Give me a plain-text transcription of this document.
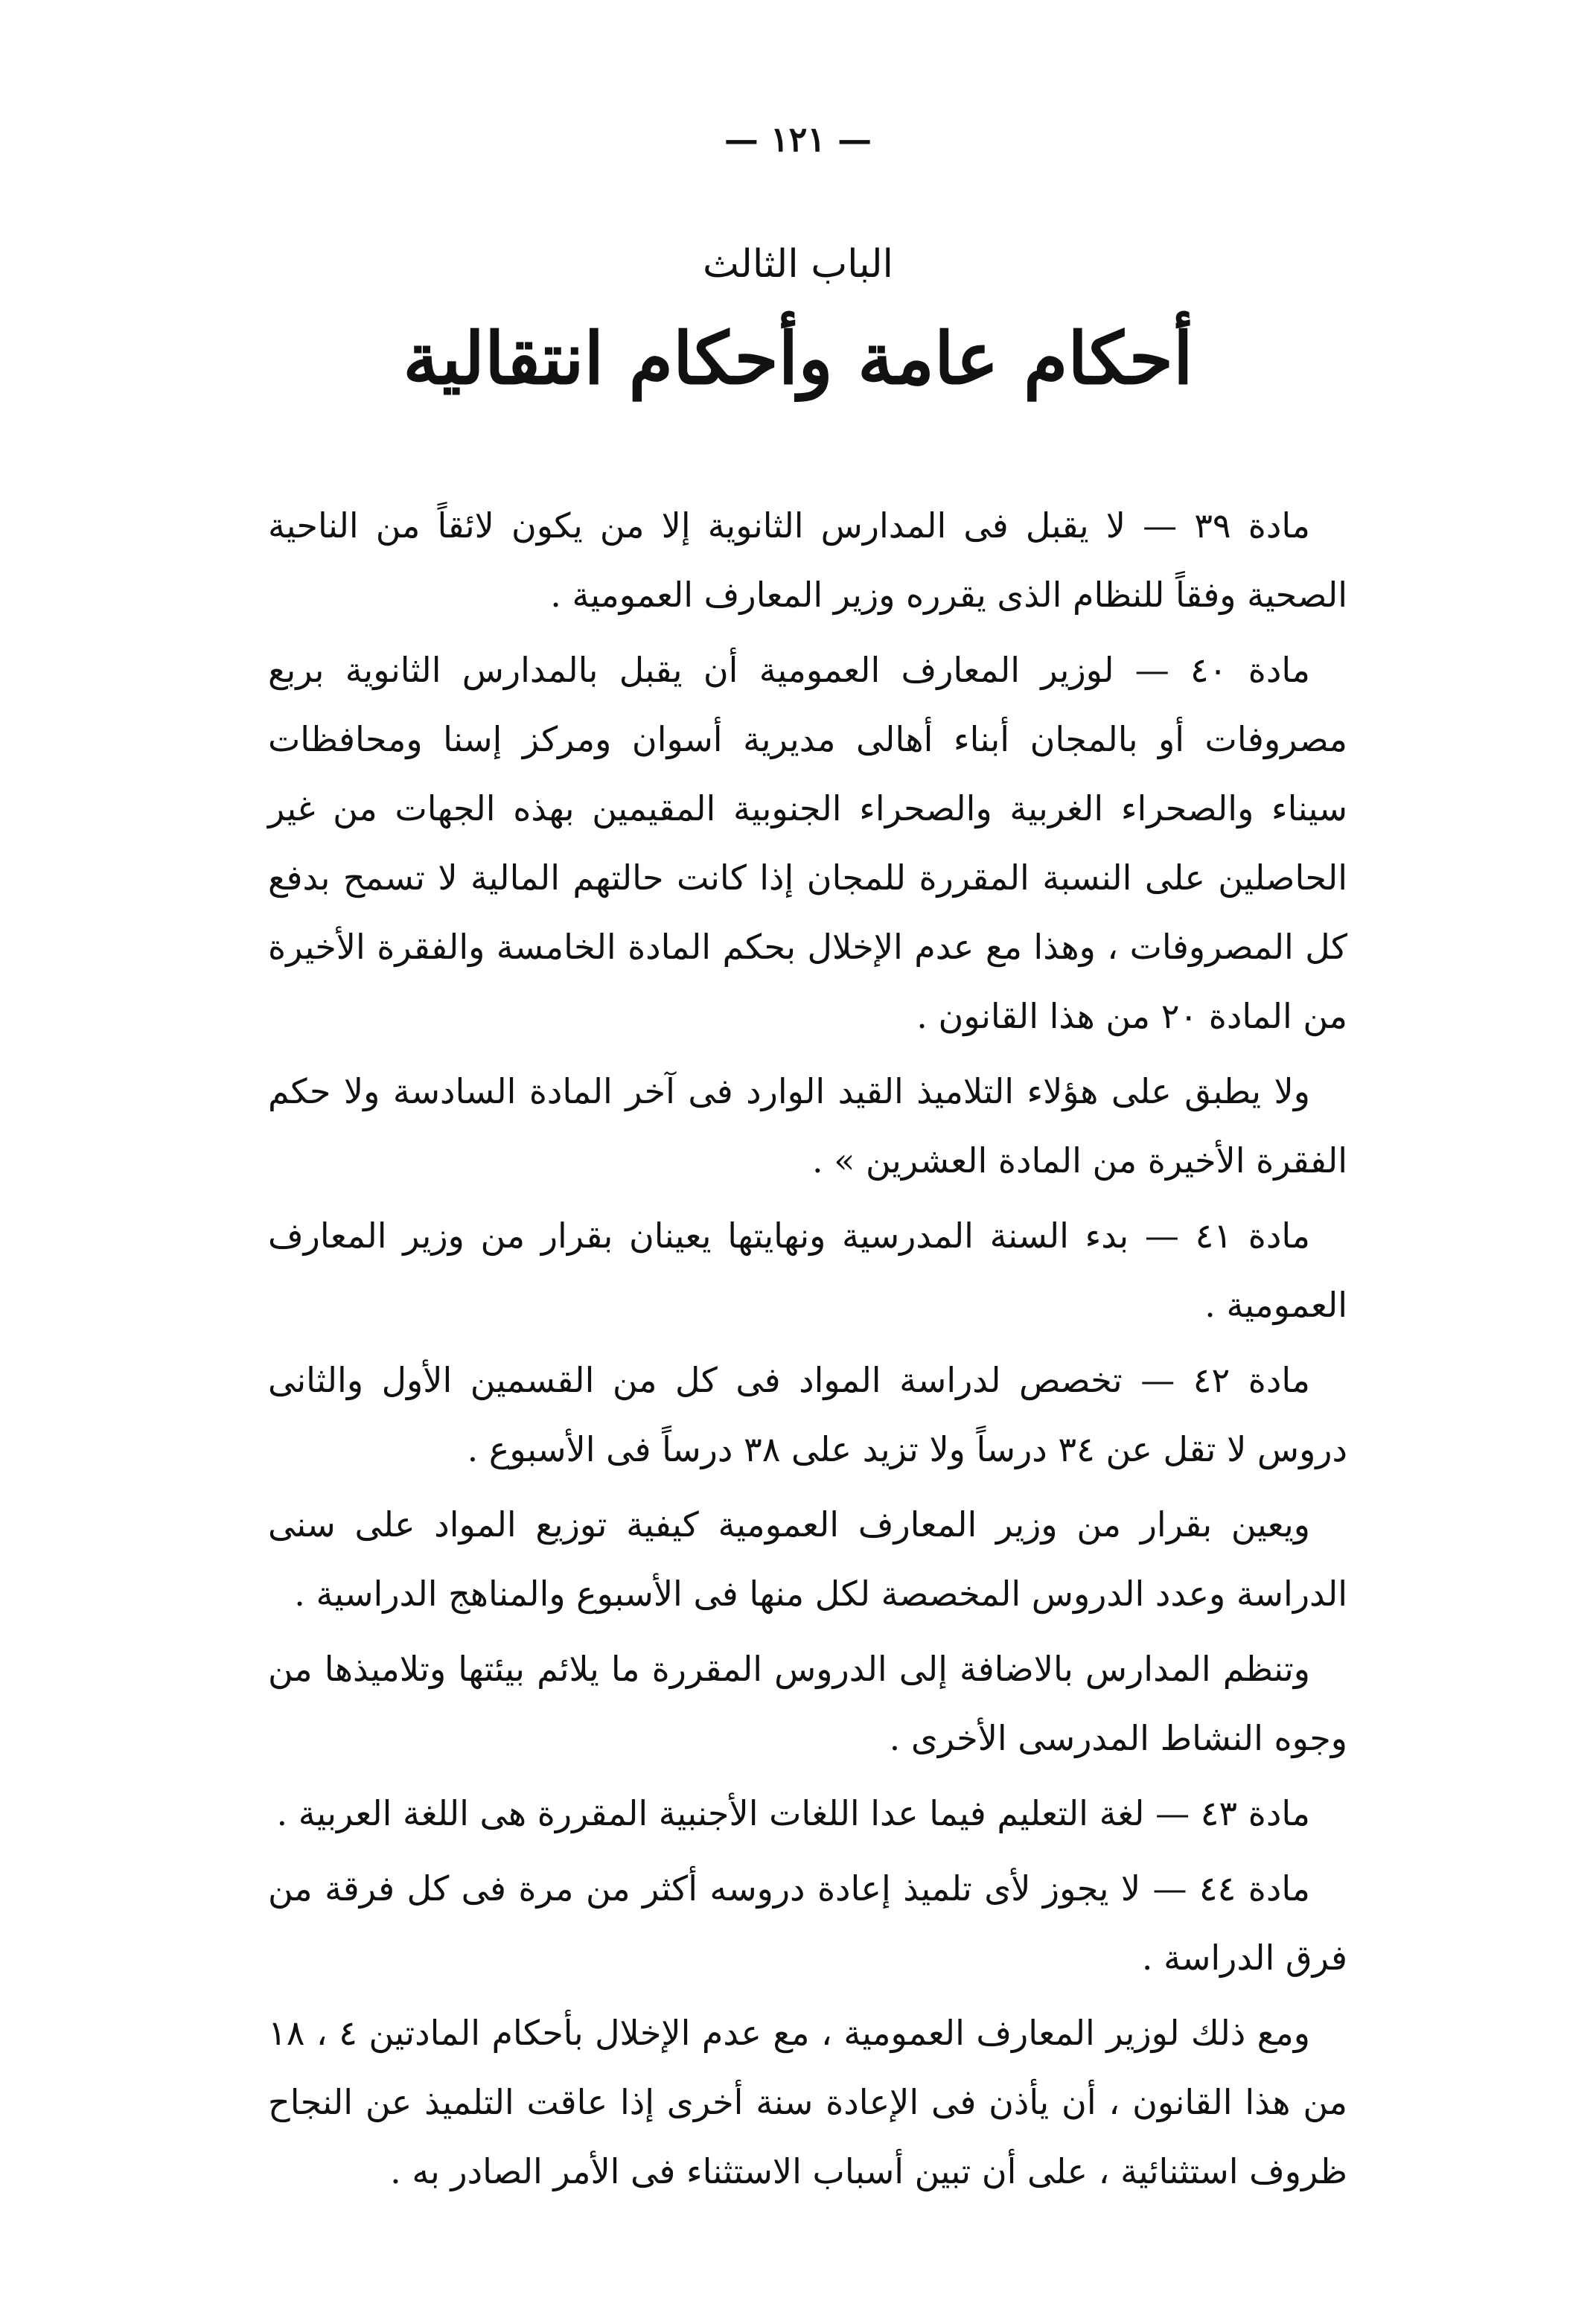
— ١٢١ —
الباب الثالث
أحكام عامة وأحكام انتقالية

مادة ٣٩ — لا يقبل فى المدارس الثانوية إلا من يكون لائقاً من الناحية الصحية وفقاً للنظام الذى يقرره وزير المعارف العمومية .

مادة ٤٠ — لوزير المعارف العمومية أن يقبل بالمدارس الثانوية بربع مصروفات أو بالمجان أبناء أهالى مديرية أسوان ومركز إسنا ومحافظات سيناء والصحراء الغربية والصحراء الجنوبية المقيمين بهذه الجهات من غير الحاصلين على النسبة المقررة للمجان إذا كانت حالتهم المالية لا تسمح بدفع كل المصروفات ، وهذا مع عدم الإخلال بحكم المادة الخامسة والفقرة الأخيرة من المادة ٢٠ من هذا القانون .

ولا يطبق على هؤلاء التلاميذ القيد الوارد فى آخر المادة السادسة ولا حكم الفقرة الأخيرة من المادة العشرين » .

مادة ٤١ — بدء السنة المدرسية ونهايتها يعينان بقرار من وزير المعارف العمومية .

مادة ٤٢ — تخصص لدراسة المواد فى كل من القسمين الأول والثانى دروس لا تقل عن ٣٤ درساً ولا تزيد على ٣٨ درساً فى الأسبوع .

ويعين بقرار من وزير المعارف العمومية كيفية توزيع المواد على سنى الدراسة وعدد الدروس المخصصة لكل منها فى الأسبوع والمناهج الدراسية .

وتنظم المدارس بالاضافة إلى الدروس المقررة ما يلائم بيئتها وتلاميذها من وجوه النشاط المدرسى الأخرى .

مادة ٤٣ — لغة التعليم فيما عدا اللغات الأجنبية المقررة هى اللغة العربية .

مادة ٤٤ — لا يجوز لأى تلميذ إعادة دروسه أكثر من مرة فى كل فرقة من فرق الدراسة .

ومع ذلك لوزير المعارف العمومية ، مع عدم الإخلال بأحكام المادتين ٤ ، ١٨ من هذا القانون ، أن يأذن فى الإعادة سنة أخرى إذا عاقت التلميذ عن النجاح ظروف استثنائية ، على أن تبين أسباب الاستثناء فى الأمر الصادر به .
